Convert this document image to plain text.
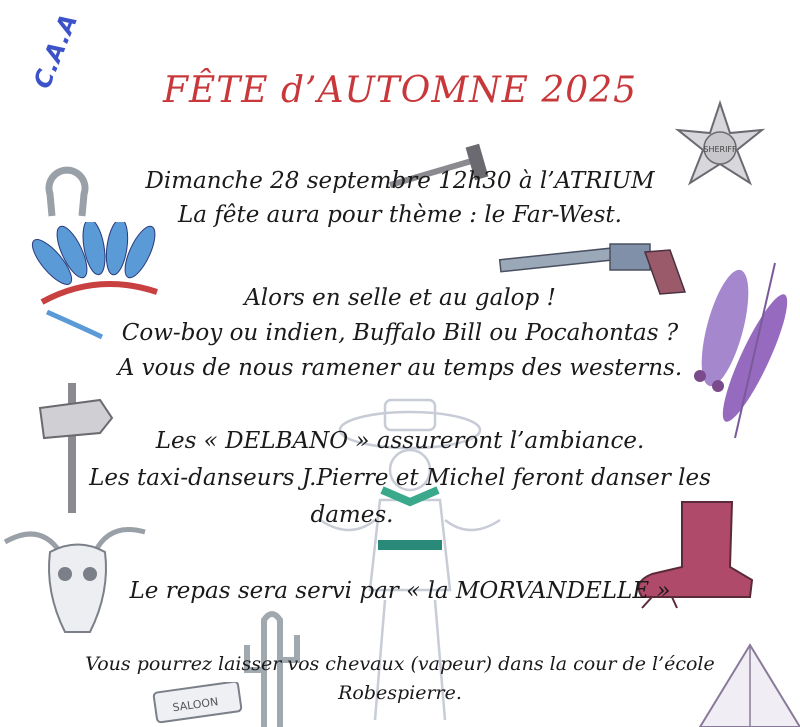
SHERIFF
SALOON
C.A.A	FÊTE d’AUTOMNE 2025
Dimanche 28 septembre 12h30 à l’ATRIUM
La fête aura pour thème : le Far-West.
Alors en selle et au galop !
Cow-boy ou indien, Buffalo Bill ou Pocahontas ?
A vous de nous ramener au temps des westerns.
Les « DELBANO » assureront l’ambiance.
Les taxi-danseurs J.Pierre et Michel feront danser les
dames.
Le repas sera servi par « la MORVANDELLE »
Vous pourrez laisser vos chevaux (vapeur) dans la cour de l’école
Robespierre.
